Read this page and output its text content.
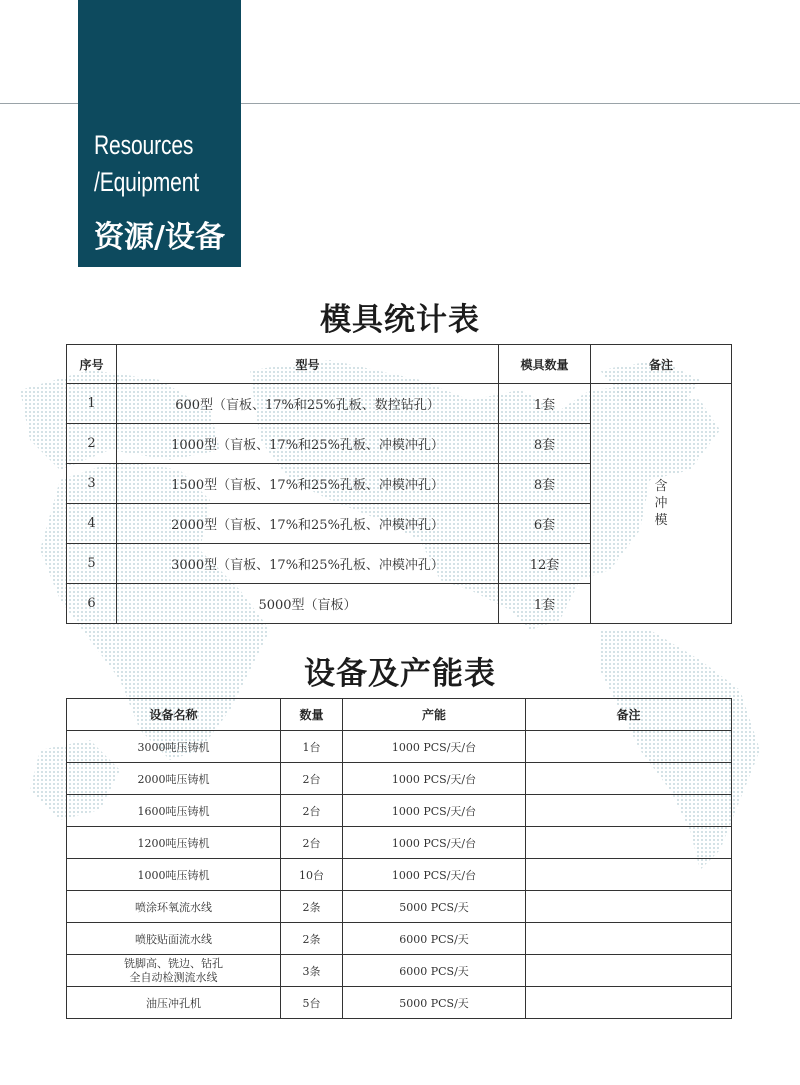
Resources
/Equipment
资源/设备
模具统计表
序号	型号	模具数量	备注
1	600型（盲板、17%和25%孔板、数控钻孔）	1套	含
冲
模

2	1000型（盲板、17%和25%孔板、冲模冲孔）	8套	
3	1500型（盲板、17%和25%孔板、冲模冲孔）	8套	
4	2000型（盲板、17%和25%孔板、冲模冲孔）	6套	
5	3000型（盲板、17%和25%孔板、冲模冲孔）	12套	
6	5000型（盲板）	1套	
设备及产能表
设备名称	数量	产能	备注
3000吨压铸机	1台	1000 PCS/天/台	
2000吨压铸机	2台	1000 PCS/天/台	
1600吨压铸机	2台	1000 PCS/天/台	
1200吨压铸机	2台	1000 PCS/天/台	
1000吨压铸机	10台	1000 PCS/天/台	
喷涂环氧流水线	2条	5000 PCS/天	
喷胶贴面流水线	2条	6000 PCS/天	

铣脚高、铣边、钻孔
全自动检测流水线	3条	6000 PCS/天	
油压冲孔机	5台	5000 PCS/天	
